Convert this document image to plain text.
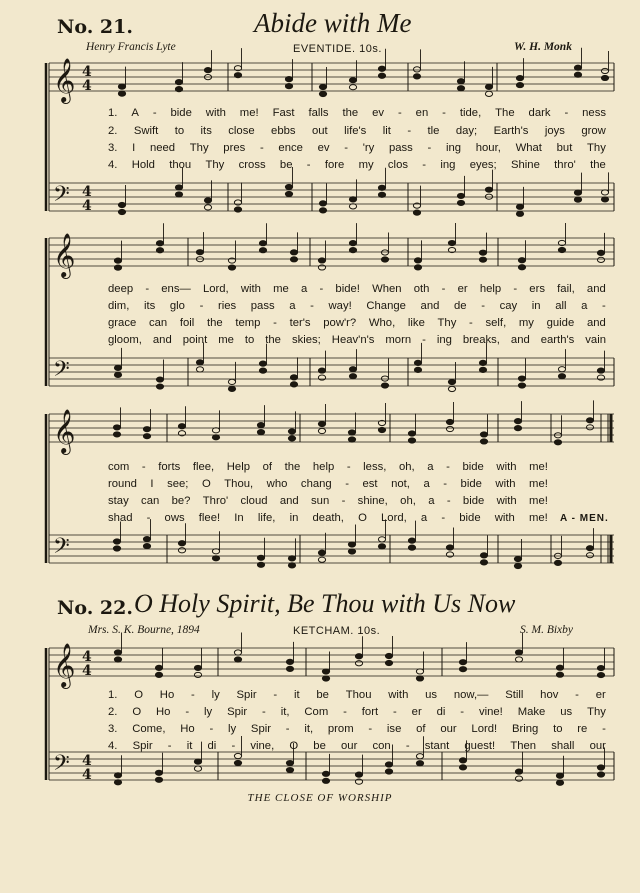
No. 21.	Abide with Me
Henry Francis Lyte	EVENTIDE. 10s.	W. H. Monk
𝄞
𝄢
4
4
4
4
𝄞
𝄢
𝄞
𝄢
𝄞
𝄢
4
4
4
4
1. A - bide with me! Fast falls the ev - en - tide, The dark - ness
2. Swift to its close ebbs out life's lit - tle day; Earth's joys grow
3. I need Thy pres - ence ev - 'ry pass - ing hour, What but Thy
4. Hold thou Thy cross be - fore my clos - ing eyes; Shine thro' the
deep - ens— Lord, with me a - bide! When oth - er help - ers fail, and
dim, its glo - ries pass a - way! Change and de - cay in all a -
grace can foil the temp - ter's pow'r? Who, like Thy - self, my guide and
gloom, and point me to the skies; Heav'n's morn - ing breaks, and earth's vain
com - forts flee, Help of the help - less, oh, a - bide with me!
round I see; O Thou, who chang - est not, a - bide with me!
stay can be? Thro' cloud and sun - shine, oh, a - bide with me!
shad - ows flee! In life, in death, O Lord, a - bide with me! A - MEN.
No. 22. O Holy Spirit, Be Thou with Us Now
Mrs. S. K. Bourne, 1894	KETCHAM. 10s.	S. M. Bixby
1. O Ho - ly Spir - it be Thou with us now,— Still hov - er
2. O Ho - ly Spir - it, Com - fort - er di - vine! Make us Thy
3. Come, Ho - ly Spir - it, prom - ise of our Lord! Bring to re -
4. Spir - it di - vine, O be our con - stant guest! Then shall our
THE CLOSE OF WORSHIP
